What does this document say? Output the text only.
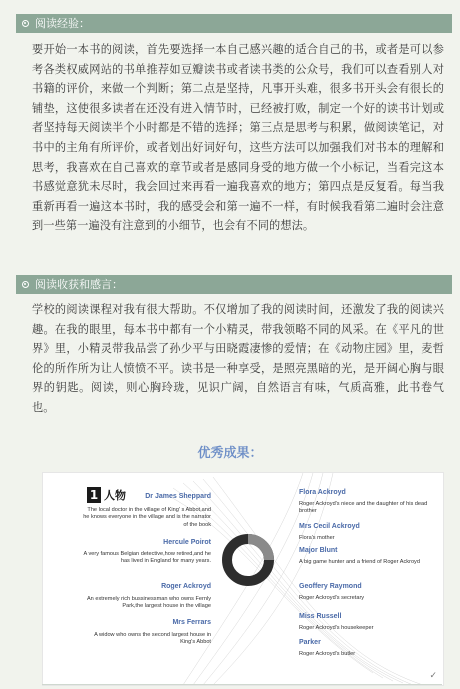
阅读经验：

要开始一本书的阅读，首先要选择一本自己感兴趣的适合自己的书，或者是可以参考各类权威网站的书单推荐如豆瓣读书或者读书类的公众号，我们可以查看别人对书籍的评价，来做一个判断；第二点是坚持，凡事开头难，很多书开头会有很长的铺垫，这使很多读者在还没有进入情节时，已经被打败，制定一个好的读书计划或者坚持每天阅读半个小时都是不错的选择；第三点是思考与积累，做阅读笔记，对书中的主角有所评价，或者划出好词好句，这些方法可以加强我们对书本的理解和思考，我喜欢在自己喜欢的章节或者是感同身受的地方做一个小标记，当看完这本书感觉意犹未尽时，我会回过来再看一遍我喜欢的地方；第四点是反复看。每当我重新再看一遍这本书时，我的感受会和第一遍不一样，有时候我看第二遍时会注意到一些第一遍没有注意到的小细节，也会有不同的想法。

阅读收获和感言：

学校的阅读课程对我有很大帮助。不仅增加了我的阅读时间，还激发了我的阅读兴趣。在我的眼里，每本书中都有一个小精灵，带我领略不同的风采。在《平凡的世界》里，小精灵带我品尝了孙少平与田晓霞凄惨的爱情；在《动物庄园》里，麦哲伦的所作所为让人愤愤不平。读书是一种享受，是照亮黑暗的光，是开阔心胸与眼界的钥匙。阅读，则心胸玲珑，见识广阔，自然语言有味，气质高雅，此书卷气也。

优秀成果：
1 人物	Dr James Sheppard
The local doctor in the village of King' s Abbot,and he knows everyone in the village and is the narrator of the book
Hercule Poirot
A very famous Belgian detective,how retired,and he has lived in England for many years.
Roger Ackroyd
An extremely rich bussinessman who owns Fernly Park,the largest house in the village
Mrs Ferrars
A widow who owns the second largest house in King's Abbot
Flora Ackroyd
Roger Ackroyd's niece and the daughter of his dead brother
Mrs Cecil Ackroyd
Flora's mother
Major Blunt
A big game hunter and a friend of Roger Ackroyd
Geoffery Raymond
Roger Ackroyd's secretary
Miss Russell
Roger Ackroyd's housekeeper
Parker
Roger Ackroyd's butler
✓
